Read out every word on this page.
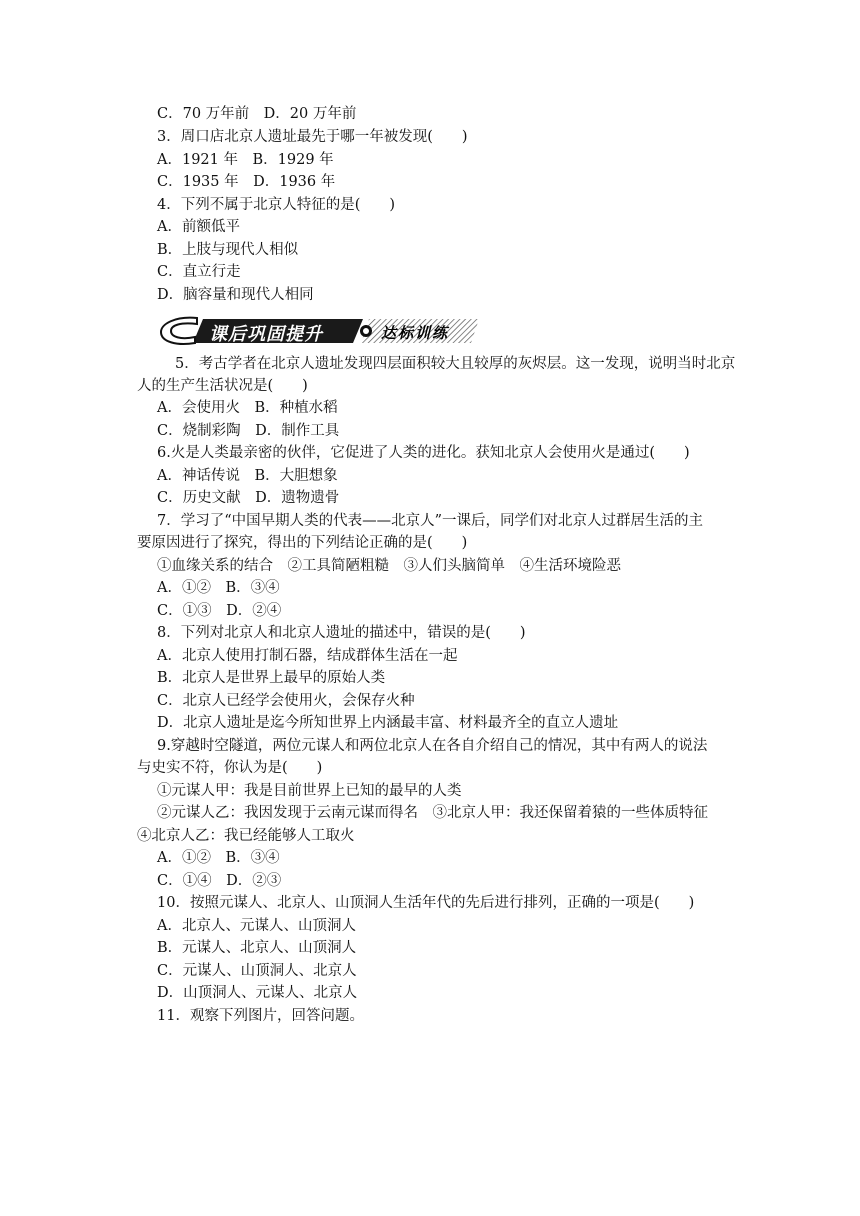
C．70 万年前　D．20 万年前
3．周口店北京人遗址最先于哪一年被发现(　　)
A．1921 年　B．1929 年
C．1935 年　D．1936 年
4．下列不属于北京人特征的是(　　)
A．前额低平
B．上肢与现代人相似
C．直立行走
D．脑容量和现代人相同
课后巩固提升	达标训练
5．考古学者在北京人遗址发现四层面积较大且较厚的灰烬层。这一发现，说明当时北京
人的生产生活状况是(　　)
A．会使用火　B．种植水稻
C．烧制彩陶　D．制作工具
6.火是人类最亲密的伙伴，它促进了人类的进化。获知北京人会使用火是通过(　　)
A．神话传说　B．大胆想象
C．历史文献　D．遗物遗骨
7．学习了“中国早期人类的代表——北京人”一课后，同学们对北京人过群居生活的主
要原因进行了探究，得出的下列结论正确的是(　　)
①血缘关系的结合　②工具简陋粗糙　③人们头脑简单　④生活环境险恶
A．①②　B．③④
C．①③　D．②④
8．下列对北京人和北京人遗址的描述中，错误的是(　　)
A．北京人使用打制石器，结成群体生活在一起
B．北京人是世界上最早的原始人类
C．北京人已经学会使用火，会保存火种
D．北京人遗址是迄今所知世界上内涵最丰富、材料最齐全的直立人遗址
9.穿越时空隧道，两位元谋人和两位北京人在各自介绍自己的情况，其中有两人的说法
与史实不符，你认为是(　　)
①元谋人甲：我是目前世界上已知的最早的人类
②元谋人乙：我因发现于云南元谋而得名　③北京人甲：我还保留着猿的一些体质特征
④北京人乙：我已经能够人工取火
A．①②　B．③④
C．①④　D．②③
10．按照元谋人、北京人、山顶洞人生活年代的先后进行排列，正确的一项是(　　)
A．北京人、元谋人、山顶洞人
B．元谋人、北京人、山顶洞人
C．元谋人、山顶洞人、北京人
D．山顶洞人、元谋人、北京人
11．观察下列图片，回答问题。
